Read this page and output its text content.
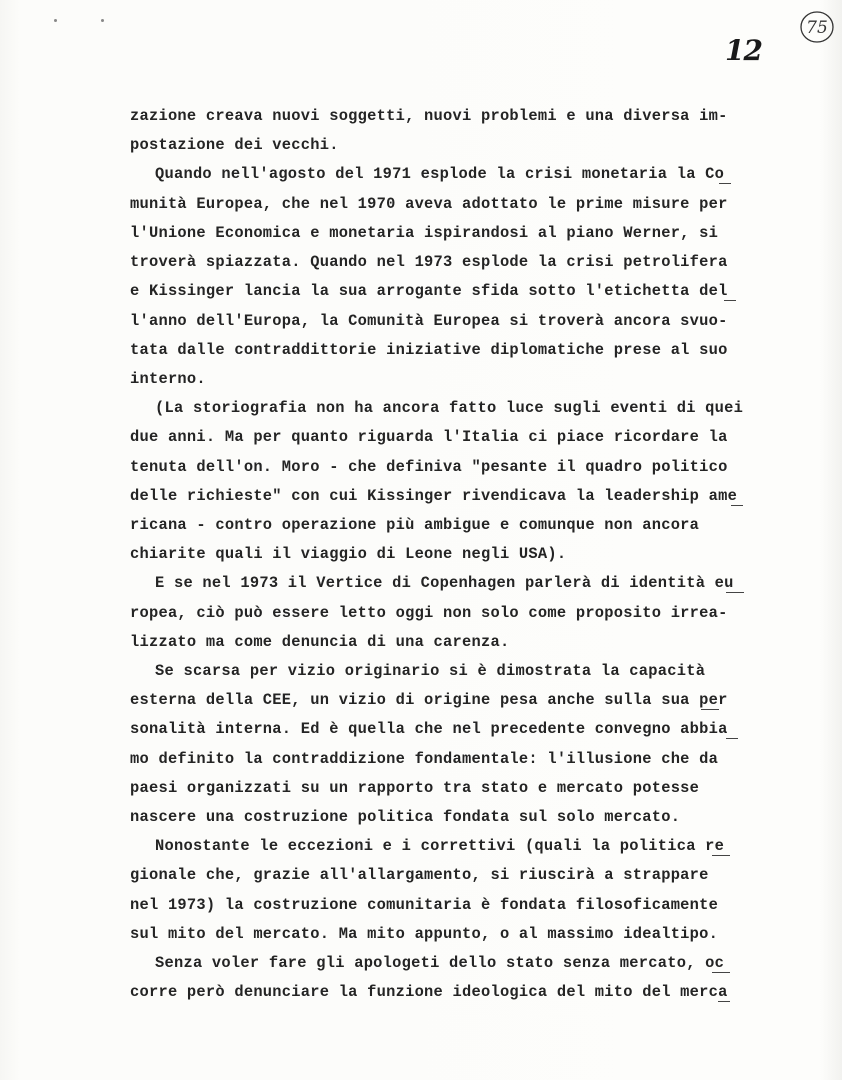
75
12
zazione creava nuovi soggetti, nuovi problemi e una diversa im-
postazione dei vecchi.
Quando nell'agosto del 1971 esplode la crisi monetaria la Co
munità Europea, che nel 1970 aveva adottato le prime misure per
l'Unione Economica e monetaria ispirandosi al piano Werner, si
troverà spiazzata. Quando nel 1973 esplode la crisi petrolifera
e Kissinger lancia la sua arrogante sfida sotto l'etichetta del
l'anno dell'Europa, la Comunità Europea si troverà ancora svuo-
tata dalle contraddittorie iniziative diplomatiche prese al suo
interno.
(La storiografia non ha ancora fatto luce sugli eventi di quei
due anni. Ma per quanto riguarda l'Italia ci piace ricordare la
tenuta dell'on. Moro - che definiva "pesante il quadro politico
delle richieste" con cui Kissinger rivendicava la leadership ame
ricana - contro operazione più ambigue e comunque non ancora
chiarite quali il viaggio di Leone negli USA).
E se nel 1973 il Vertice di Copenhagen parlerà di identità eu
ropea, ciò può essere letto oggi non solo come proposito irrea-
lizzato ma come denuncia di una carenza.
Se scarsa per vizio originario si è dimostrata la capacità
esterna della CEE, un vizio di origine pesa anche sulla sua per
sonalità interna. Ed è quella che nel precedente convegno abbia
mo definito la contraddizione fondamentale: l'illusione che da
paesi organizzati su un rapporto tra stato e mercato potesse
nascere una costruzione politica fondata sul solo mercato.
Nonostante le eccezioni e i correttivi (quali la politica re
gionale che, grazie all'allargamento, si riuscirà a strappare
nel 1973) la costruzione comunitaria è fondata filosoficamente
sul mito del mercato. Ma mito appunto, o al massimo idealtipo.
Senza voler fare gli apologeti dello stato senza mercato, oc
corre però denunciare la funzione ideologica del mito del merca
